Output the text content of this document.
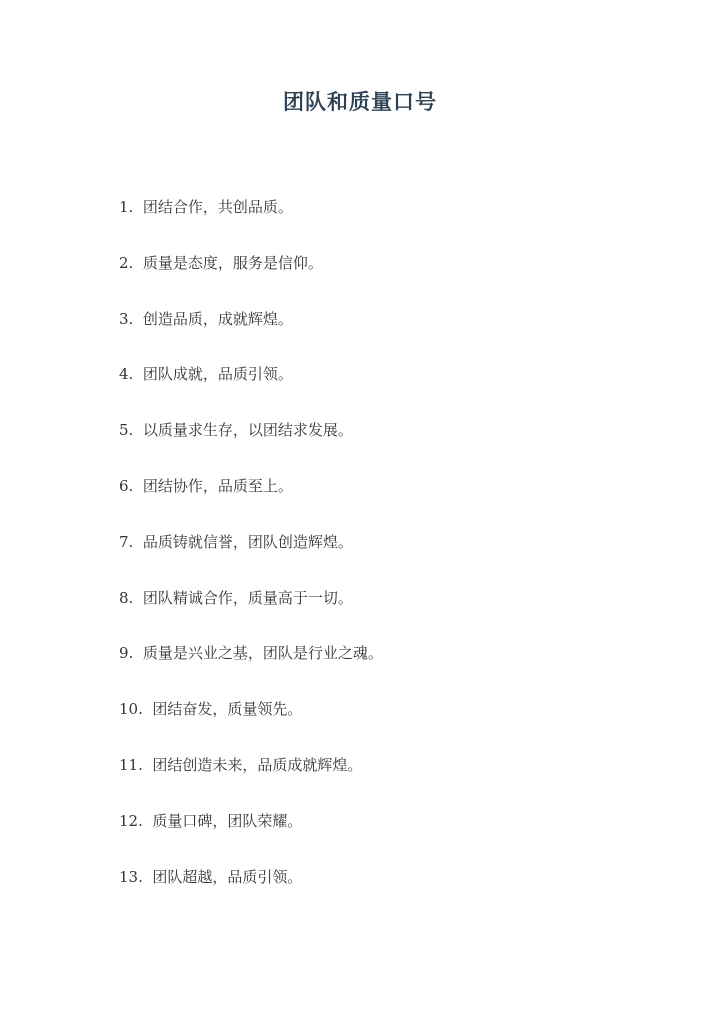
团队和质量口号
1. 团结合作，共创品质。
2. 质量是态度，服务是信仰。
3. 创造品质，成就辉煌。
4. 团队成就，品质引领。
5. 以质量求生存，以团结求发展。
6. 团结协作，品质至上。
7. 品质铸就信誉，团队创造辉煌。
8. 团队精诚合作，质量高于一切。
9. 质量是兴业之基，团队是行业之魂。
10. 团结奋发，质量领先。
11. 团结创造未来，品质成就辉煌。
12. 质量口碑，团队荣耀。
13. 团队超越，品质引领。
